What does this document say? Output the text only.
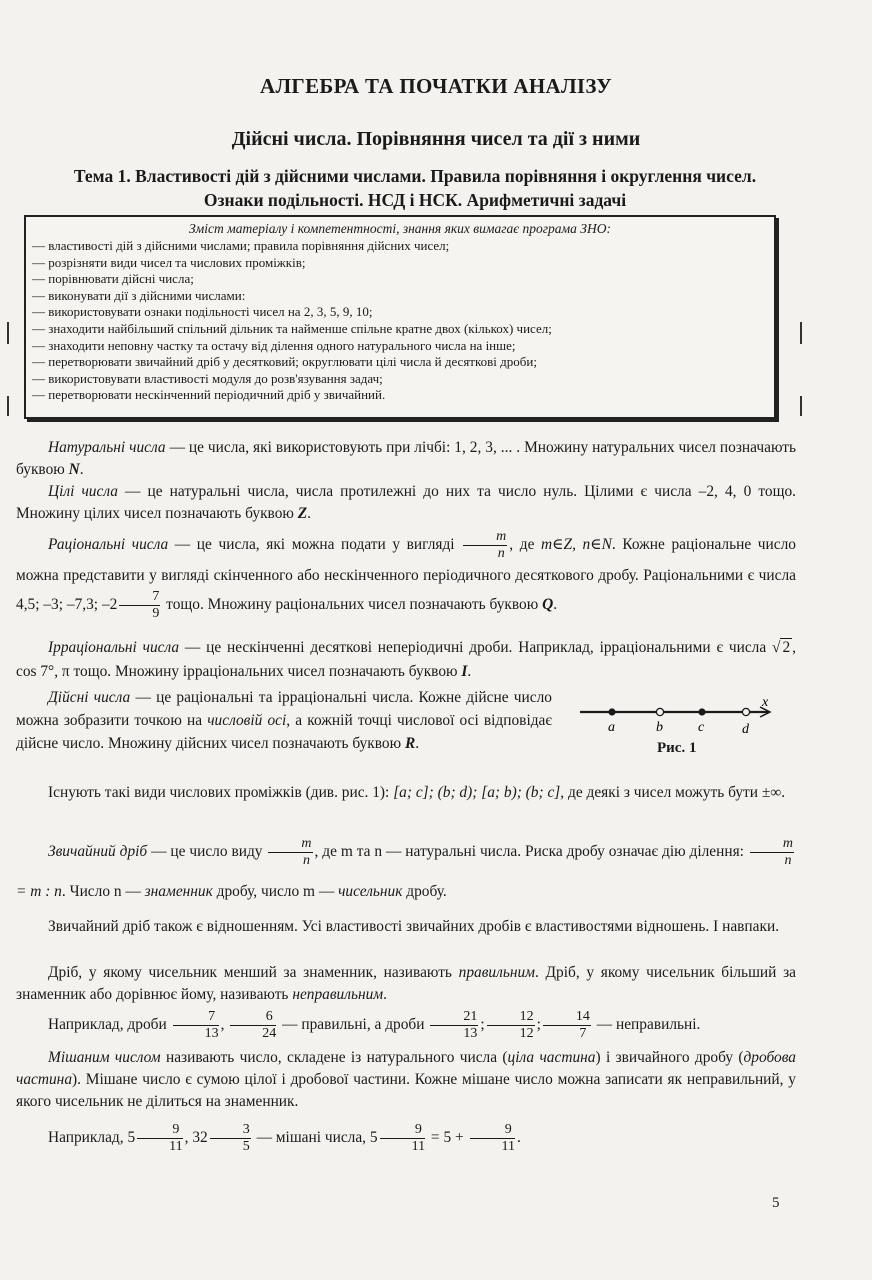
АЛГЕБРА ТА ПОЧАТКИ АНАЛІЗУ
Дійсні числа. Порівняння чисел та дії з ними
Тема 1. Властивості дій з дійсними числами. Правила порівняння і округлення чисел.
Ознаки подільності. НСД і НСК. Арифметичні задачі
Зміст матеріалу і компетентності, знання яких вимагає програма ЗНО:
— властивості дій з дійсними числами; правила порівняння дійсних чисел;
— розрізняти види чисел та числових проміжків;
— порівнювати дійсні числа;
— виконувати дії з дійсними числами:
— використовувати ознаки подільності чисел на 2, 3, 5, 9, 10;
— знаходити найбільший спільний дільник та найменше спільне кратне двох (кількох) чисел;
— знаходити неповну частку та остачу від ділення одного натурального числа на інше;
— перетворювати звичайний дріб у десятковий; округлювати цілі числа й десяткові дроби;
— використовувати властивості модуля до розв'язування задач;
— перетворювати нескінченний періодичний дріб у звичайний.

Натуральні числа — це числа, які використовують при лічбі: 1, 2, 3, ... . Множину натуральних чисел позначають буквою N.

Цілі числа — це натуральні числа, числа протилежні до них та число нуль. Цілими є числа –2, 4, 0 тощо. Множину цілих чисел позначають буквою Z.

Раціональні числа — це числа, які можна подати у вигляді $\frac{m}{n}$ , де m∈Z, n∈N. Кожне раціональне число можна представити у вигляді скінченного або нескінченного періодичного десяткового дробу. Раціональними є числа 4,5; –3; –7,3; $-2 \frac{7}{9}$ тощо. Множину раціональних чисел позначають буквою Q.

Ірраціональні числа — це нескінченні десяткові неперіодичні дроби. Наприклад, ірраціональними є числа √ 2 , cos 7°, π тощо. Множину ірраціональних чисел позначають буквою I.

Дійсні числа — це раціональні та ірраціональні числа. Кожне дійсне число можна зобразити точкою на числовій осі, а кожній точці числової осі відповідає дійсне число. Множину дійсних чисел позначають буквою R.

x
a	b	c	d
Рис. 1

Існують такі види числових проміжків (див. рис. 1): [a; c]; (b; d); [a; b); (b; c], де деякі з чисел можуть бути ±∞.

Звичайний дріб — це число виду $\frac{m}{n}$ , де m та n — натуральні числа. Риска дробу означає дію ділення: $\frac{m}{n}$
= m : n. Число n — знаменник дробу, число m — чисельник дробу.

Звичайний дріб також є відношенням. Усі властивості звичайних дробів є властивостями відношень. І навпаки.

Дріб, у якому чисельник менший за знаменник, називають правильним. Дріб, у якому чисельник більший за знаменник або дорівнює йому, називають неправильним.

Наприклад, дроби $\frac{7}{13}$ , $\frac{6}{24}$ — правильні, а дроби $\frac{21}{13}$ ; $\frac{12}{12}$ ; $\frac{14}{7}$ — неправильні.

Мішаним числом називають число, складене із натурального числа (ціла частина) і звичайного дробу (дробова частина). Мішане число є сумою цілої і дробової частини. Кожне мішане число можна записати як неправильний, у якого чисельник не ділиться на знаменник.

Наприклад, $5 \frac{9}{11}$ , $32 \frac{3}{5}$ — мішані числа, $5 \frac{9}{11} = 5 + \frac{9}{11}$ .

5
